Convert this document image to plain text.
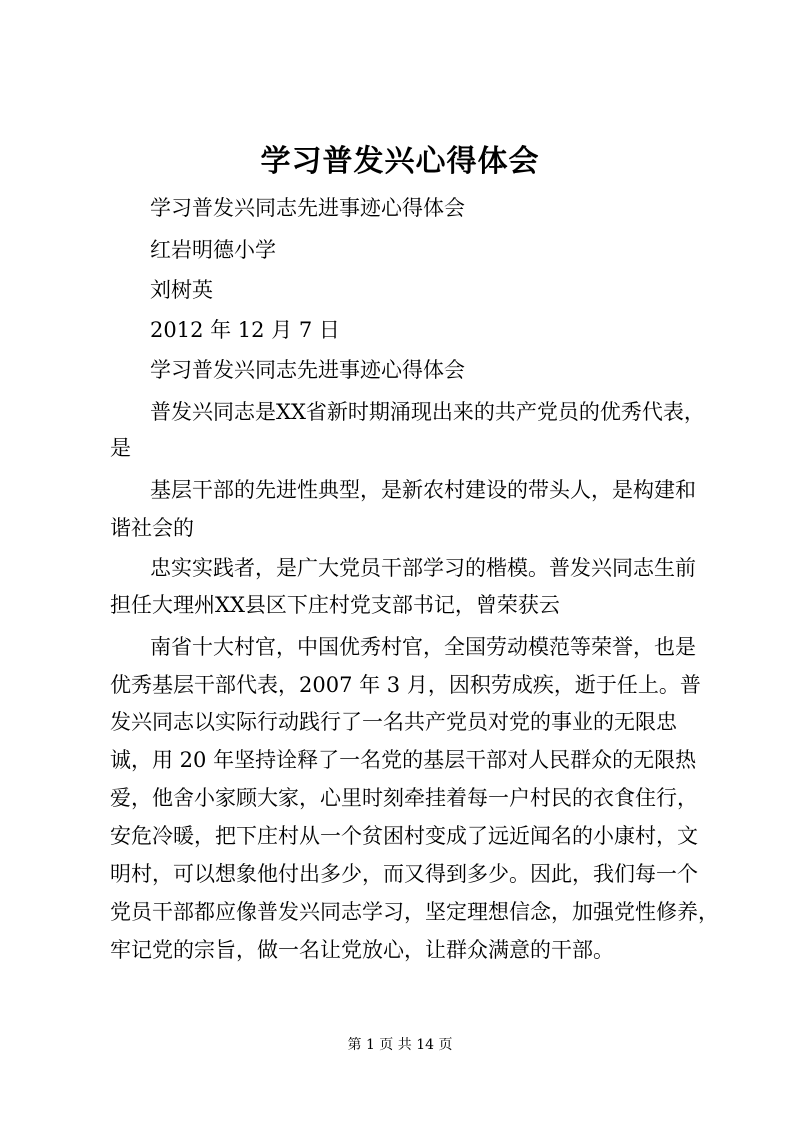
学习普发兴心得体会

学习普发兴同志先进事迹心得体会

红岩明德小学

刘树英

2012 年 12 月 7 日

学习普发兴同志先进事迹心得体会

普发兴同志是XX省新时期涌现出来的共产党员的优秀代表，

是

基层干部的先进性典型，是新农村建设的带头人，是构建和

谐社会的

忠实实践者，是广大党员干部学习的楷模。普发兴同志生前

担任大理州XX县区下庄村党支部书记，曾荣获云

南省十大村官，中国优秀村官，全国劳动模范等荣誉，也是

优秀基层干部代表，2007 年 3 月，因积劳成疾，逝于任上。普

发兴同志以实际行动践行了一名共产党员对党的事业的无限忠

诚，用 20 年坚持诠释了一名党的基层干部对人民群众的无限热

爱，他舍小家顾大家，心里时刻牵挂着每一户村民的衣食住行，

安危冷暖，把下庄村从一个贫困村变成了远近闻名的小康村，文

明村，可以想象他付出多少，而又得到多少。因此，我们每一个

党员干部都应像普发兴同志学习，坚定理想信念，加强党性修养，

牢记党的宗旨，做一名让党放心，让群众满意的干部。

第 1 页 共 14 页
